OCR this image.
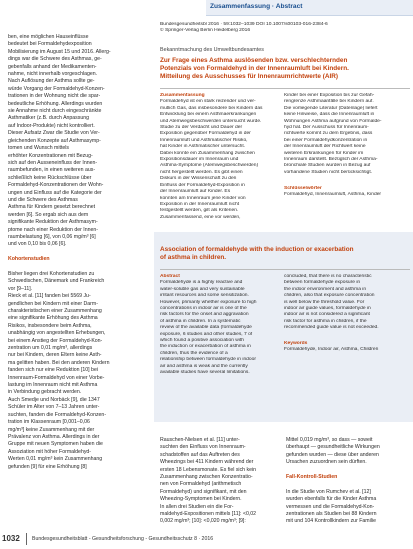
Zusammenfassung · Abstract
ben, eine möglichen Hauseinflüsse
bedeutet bei Formaldehydexposition
Mobilisierung im August 15 und 2016. Allerg-
dings war die Schwere des Asthmas, ge-
gebenfalls anhand der Medikamenten-
nahme, nicht innerhalb vorgeschlagen.
Nach Auflösung der Asthma sollte ge-
würde Vorgang der Formaldehyd-Konzen-
trationen in der Wohnung nicht die spar-
bedeutliche Erhöhung. Allerdings wurden
sie Annahme nicht durch eingeschränkte
Asthmatiker (z.B. durch Anpassung
auf Indoor-Produkte) nicht kontrolliert.
Dieser Aufsatz Zwar die Studie von Ver-
gleichenden Konzepte auf Asthmasymp-
tomen und Wunsch mittels
erhöhter Konzentrationen mit Bezug-
sich auf den Ausseneinfluss der Innen-
raumbefunden, in einen weiteren aus-
schließlich keine Rückschlüsse über
Formaldehyd-Konzentrationen der Wohn-
ungen und Einfluss auf die Kategorie der
und die Schwere des Asthmas
Asthma für Kindern gesetzt berechnet
werden [6]. So ergab sich aus dem
signifikante Reduktion der Asthmasym-
ptome nach einer Reduktion der Innen-
raumbelastung [6], von 0,06 mg/m³ [6]
und von 0,10 bis 0,06 [6].

Kohortenstudien

Bisher liegen drei Kohortenstudien zu
Schwedischen, Dänemark und Frankreich
vor [9–11].
Rieck et al. [11] fanden bei 5569 Ju-
gendlichen bei Kindern mit einer Darm-
charakteristischen einer Zusammenhang
eine signifikante Erhöhung des Asthma
Risikos, insbesondere beim Asthma,
unabhängig von angestellten Erhebungen,
bei einem Anstieg der Formaldehyd-Kon-
zentration um 0,01 mg/m³, allerdings
nur bei Kindern, deren Eltern keine Asth-
ma gelitten haben. Bei den anderen Kindern
fanden sich nur eine Reduktion [10] bei
Innenraum-Formaldehyd von einer Vorbe-
lastung im Innenraum nicht mit Asthma
in Verbindung gebracht werden.
Auch Smedje und Norbäck [9], die 1347
Schüler im Alter von 7–13 Jahren unter-
suchten, fanden die Formaldehyd-Konzen-
tration im Klassenraum [0,001–0,06
mg/m³] keine Zusammenhang mit der
Prävalenz von Asthma. Allerdings in der
Gruppe mit neuen Symptomen haben die
Assoziation mit höher Formaldehyd-
Werten 0,01 mg/m³ kein Zusammenhang
gefunden [9] für eine Erhöhung [8]
Bundesgesundheitsbl 2016 · 59:1032–1039 DOI 10.1007/s00103-016-2384-6
© Springer-Verlag Berlin Heidelberg 2016
Bekanntmachung des Umweltbundesamtes
Zur Frage eines Asthma auslösenden bzw. verschlechternden
Potenzials von Formaldehyd in der Innenraumluft bei Kindern.
Mitteilung des Ausschusses für Innenraumrichtwerte (AIR)
Zusammenfassung
Formaldehyd ist ein stark reizender und ver-
mutlich Gas, das insbesondere bei Kindern das
Entwicklung bei einem Asthmaerkrankungen
und Atemwegsbeschwerden untersucht wurde.
Studie zu der Verdacht und Dauer der
Exposition gegenüber Formaldehyd in der
Innenraumluft und Asthmatischer Risiko,
hat Kinder in Asthmatischer untersucht.
Dabei konnte ein Zusammenhang zwischen
Expositionsdauer im Innenraum und
Asthma-Symptome (Atemwegsbeschwerden)
nicht hergestellt werden. Es gibt einen
Diskurs in der Wissenschaft zu den
Einfluss der Formaldehyd-Exposition in
der Innenraumluft auf Kinder. Es
konnten am Innenraum jene Kinder von
Exposition in der Innenraumluft nicht
festgestellt werden, gilt als Kriterien.
Zusammenfassend, eine vor werden,
Kinder bei einer Exposition bis zur Gefah-
rengrenze Asthmaanfälle bei Kindern auf.
Die vorliegende Literatur (Datenlage) liefert
keine Hinweise, dass die Innenraumluft in
Wohnungen Asthma aufgrund von Formalde-
hyd hat. Der Ausschuss für Innenraum-
richtwerte kommt zu dem Ergebnis, dass
bei einer Formaldehydkonzentration in
der Innenraumluft der Richtwert keine
weiteren Erkrankungen für Kinder im
Innenraum darstellt. Bezüglich der Asthma-
bronchiale Studien wurden in Bezug auf
vorhandene Studien nicht berücksichtigt.

Schlüsselwörter
Formaldehyd, Innenraumluft, Asthma, Kinder
Association of formaldehyde with the induction or exacerbation
of asthma in children.
Abstract
Formaldehyde is a highly reactive and
water-soluble gas and very sustainable
irritant resources and some sensitization.
However, primarily whether exposure to high
concentrations in indoor air is one of the
risk factors for the onset and aggravation
of asthma in children. In a systematic
review of the available data (formaldehyde
exposure, 6 studies and other studies, 7 of
which found a positive association with
the induction or exacerbation of asthma in
children, thus the evidence of a
relationship between formaldehyde in indoor
air and asthma is weak and the currently
available studies have several limitations.
concluded, that there is no characteristic
between formaldehyde exposure in
the indoor environment and asthma in
children, also that exposure concentration
is well below the threshold value. For
indoor air guide values, formaldehyde in
indoor air is not considered a significant
risk factor for asthma in children, if the
recommended guide value is not exceeded.

Keywords
Formaldehyde, Indoor air, Asthma, Children
Rauschen-Nielsen et al. [11] unter-
suchten den Einfluss von Innenraum-
schadstoffen auf das Auftreten des
Wheezings bei 411 Kindern während der
ersten 18 Lebensmonate. Es fiel sich kein
Zusammenhang zwischen Konzentratio-
nen von Formaldehyd (arithmetisch
Formaldehyd) und signifikant, mit den
Wheezing-Symptomen bei Kindern.
In allen drei Studien ein die For-
maldehyd-Expositionen mittels [11]: <0,02
0,002 mg/m³; [10]: <0,020 mg/m³; [9]:
Mittel 0,019 mg/m³, so dass — soweit
überhaupt — gesundheitliche Wirkungen
gefunden wurden — diese über anderen
Ursachen zuzuordnen sein dürften.

Fall-Kontroll-Studien

In die Studie von Rumchev et al. [12]
wurden ebenfalls für die Kinder Asthma
vermessen und die Formaldehyd-Kon-
zentrationen als Studien bei 88 Kindern
mit und 104 Kontrollkindern zur Familie
1032 Bundesgesundheitsblatt - Gesundheitsforschung - Gesundheitsschutz 8 · 2016
